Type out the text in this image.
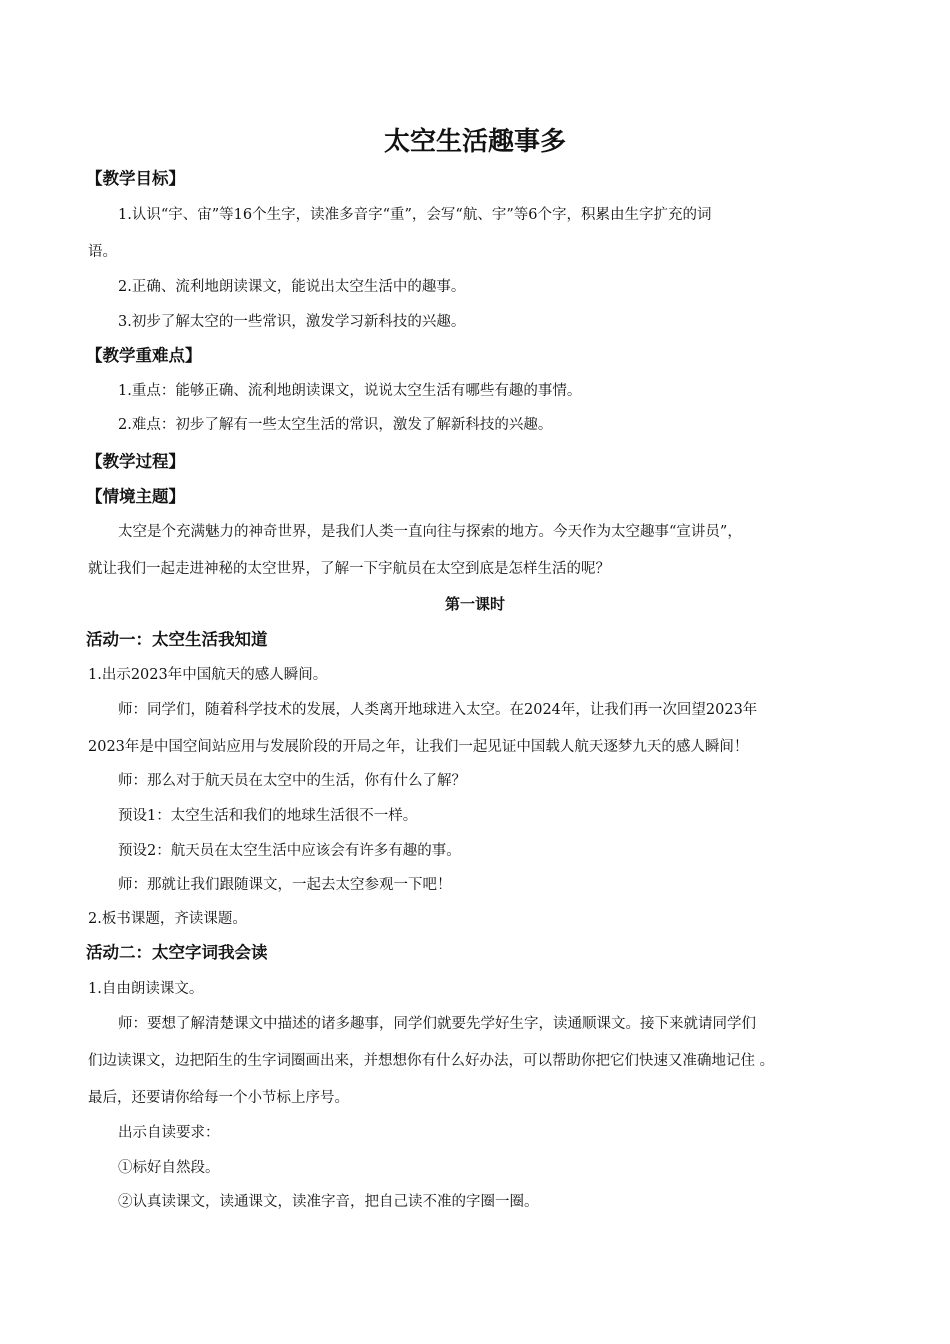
太空生活趣事多
【教学目标】
1.认识“宇、宙”等16个生字，读准多音字“重”，会写“航、宇”等6个字，积累由生字扩充的词
语。
2.正确、流利地朗读课文，能说出太空生活中的趣事。
3.初步了解太空的一些常识，激发学习新科技的兴趣。
【教学重难点】
1.重点：能够正确、流利地朗读课文，说说太空生活有哪些有趣的事情。
2.难点：初步了解有一些太空生活的常识，激发了解新科技的兴趣。
【教学过程】
【情境主题】
太空是个充满魅力的神奇世界，是我们人类一直向往与探索的地方。今天作为太空趣事“宣讲员”，
就让我们一起走进神秘的太空世界，了解一下宇航员在太空到底是怎样生活的呢？
第一课时
活动一：太空生活我知道
1.出示2023年中国航天的感人瞬间。
师：同学们，随着科学技术的发展，人类离开地球进入太空。在2024年，让我们再一次回望2023年
2023年是中国空间站应用与发展阶段的开局之年，让我们一起见证中国载人航天逐梦九天的感人瞬间！
师：那么对于航天员在太空中的生活，你有什么了解？
预设1：太空生活和我们的地球生活很不一样。
预设2：航天员在太空生活中应该会有许多有趣的事。
师：那就让我们跟随课文，一起去太空参观一下吧！
2.板书课题，齐读课题。
活动二：太空字词我会读
1.自由朗读课文。
师：要想了解清楚课文中描述的诸多趣事，同学们就要先学好生字，读通顺课文。接下来就请同学们
们边读课文，边把陌生的生字词圈画出来，并想想你有什么好办法，可以帮助你把它们快速又准确地记住 。
最后，还要请你给每一个小节标上序号。
出示自读要求：
①标好自然段。
②认真读课文，读通课文，读准字音，把自己读不准的字圈一圈。
